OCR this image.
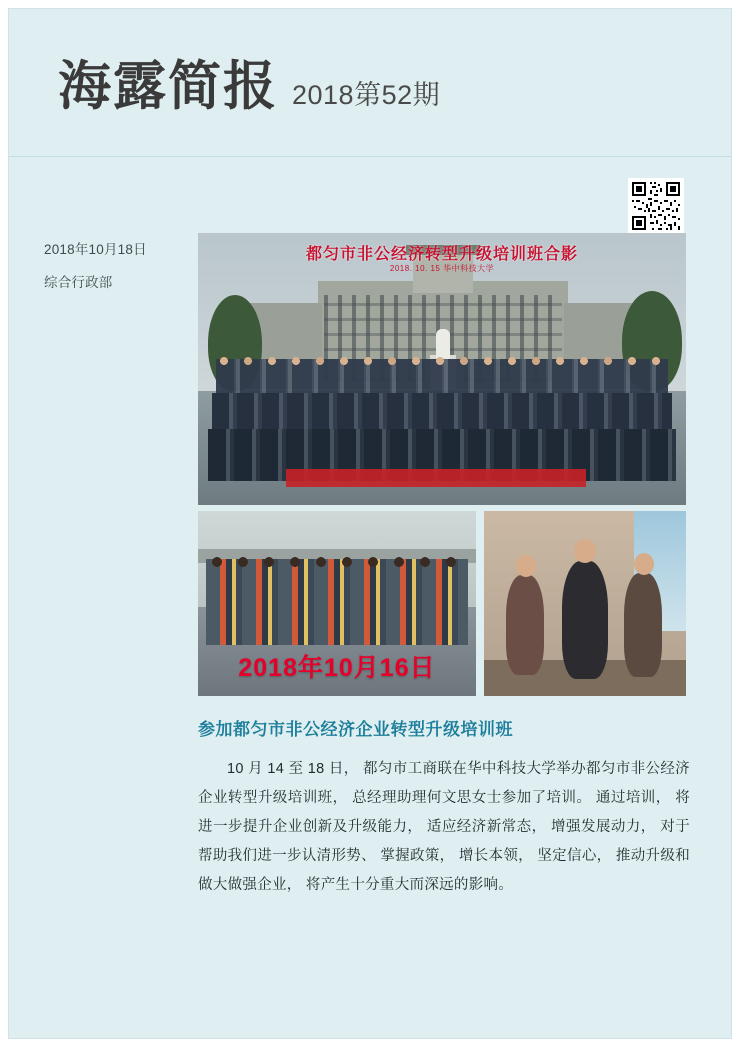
海露简报 2018第52期
2018年10月18日
综合行政部
都匀市非公经济转型升级培训班合影
2018. 10. 15 华中科技大学
2018年10月16日
参加都匀市非公经济企业转型升级培训班
10 月 14 至 18 日， 都匀市工商联在华中科技大学举办都匀市非公经济企业转型升级培训班， 总经理助理何文思女士参加了培训。 通过培训， 将进一步提升企业创新及升级能力， 适应经济新常态， 增强发展动力， 对于帮助我们进一步认清形势、 掌握政策， 增长本领， 坚定信心， 推动升级和做大做强企业， 将产生十分重大而深远的影响。
